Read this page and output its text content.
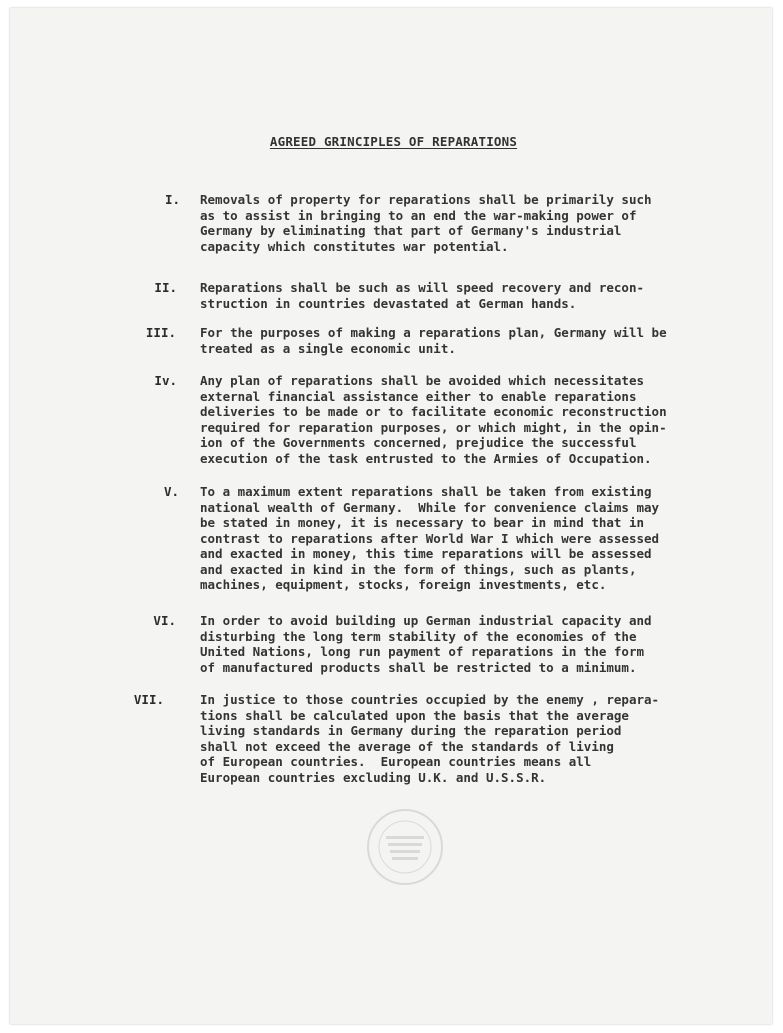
AGREED GRINCIPLES OF REPARATIONS
I. Removals of property for reparations shall be primarily such
as to assist in bringing to an end the war-making power of
Germany by eliminating that part of Germany's industrial
capacity which constitutes war potential.
II. Reparations shall be such as will speed recovery and recon-
struction in countries devastated at German hands.
III. For the purposes of making a reparations plan, Germany will be
treated as a single economic unit.
Iv. Any plan of reparations shall be avoided which necessitates
external financial assistance either to enable reparations
deliveries to be made or to facilitate economic reconstruction
required for reparation purposes, or which might, in the opin-
ion of the Governments concerned, prejudice the successful
execution of the task entrusted to the Armies of Occupation.
V. To a maximum extent reparations shall be taken from existing
national wealth of Germany.  While for convenience claims may
be stated in money, it is necessary to bear in mind that in
contrast to reparations after World War I which were assessed
and exacted in money, this time reparations will be assessed
and exacted in kind in the form of things, such as plants,
machines, equipment, stocks, foreign investments, etc.
VI. In order to avoid building up German industrial capacity and
disturbing the long term stability of the economies of the
United Nations, long run payment of reparations in the form
of manufactured products shall be restricted to a minimum.
VII.	In justice to those countries occupied by the enemy , repara-
tions shall be calculated upon the basis that the average
living standards in Germany during the reparation period
shall not exceed the average of the standards of living
of European countries.  European countries means all
European countries excluding U.K. and U.S.S.R.
